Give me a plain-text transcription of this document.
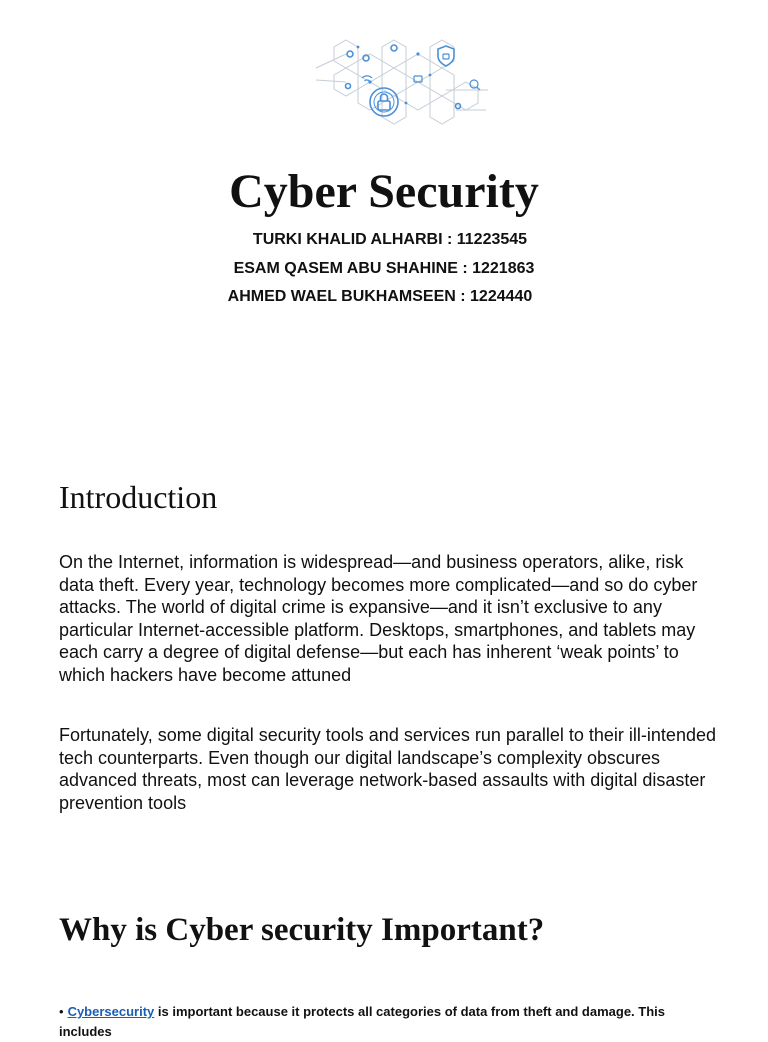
Cyber Security
TURKI KHALID ALHARBI : 11223545
ESAM QASEM ABU SHAHINE : 1221863
AHMED WAEL BUKHAMSEEN : 1224440
Introduction

On the Internet, information is widespread—and business operators, alike, risk data theft. Every year, technology becomes more complicated—and so do cyber attacks. The world of digital crime is expansive—and it isn’t exclusive to any particular Internet-accessible platform. Desktops, smartphones, and tablets may each carry a degree of digital defense—but each has inherent ‘weak points’ to which hackers have become attuned

Fortunately, some digital security tools and services run parallel to their ill-intended tech counterparts. Even though our digital landscape’s complexity obscures advanced threats, most can leverage network-based assaults with digital disaster prevention tools

Why is Cyber security Important?
• Cybersecurity is important because it protects all categories of data from theft and damage. This includes
